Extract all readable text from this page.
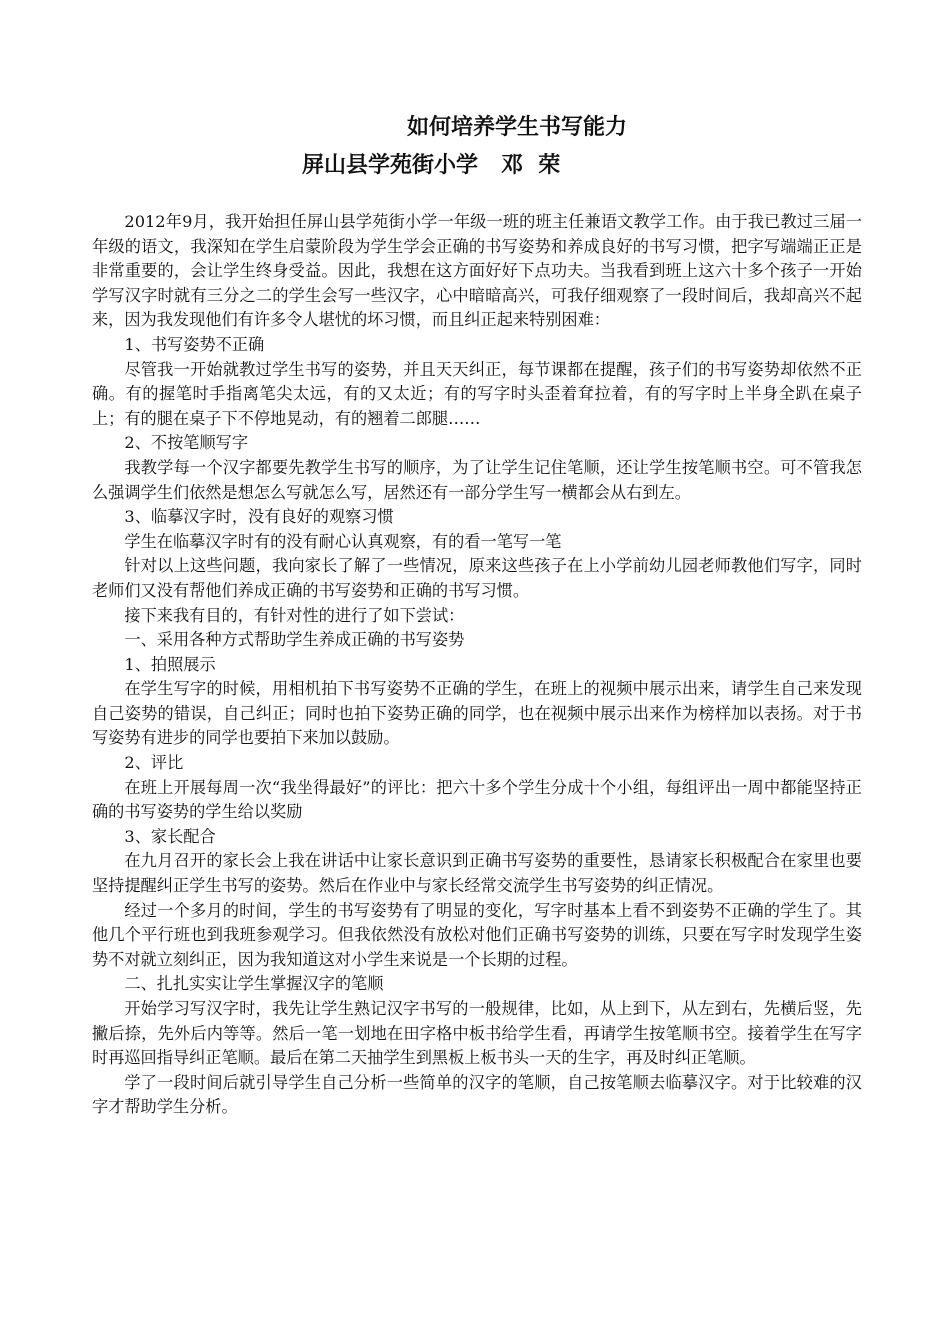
如何培养学生书写能力
屏山县学苑街小学   邓  荣

2012年9月，我开始担任屏山县学苑街小学一年级一班的班主任兼语文教学工作。由于我已教过三届一年级的语文，我深知在学生启蒙阶段为学生学会正确的书写姿势和养成良好的书写习惯，把字写端端正正是非常重要的，会让学生终身受益。因此，我想在这方面好好下点功夫。当我看到班上这六十多个孩子一开始学写汉字时就有三分之二的学生会写一些汉字，心中暗暗高兴，可我仔细观察了一段时间后，我却高兴不起来，因为我发现他们有许多令人堪忧的坏习惯，而且纠正起来特别困难：

1、书写姿势不正确

尽管我一开始就教过学生书写的姿势，并且天天纠正，每节课都在提醒，孩子们的书写姿势却依然不正确。有的握笔时手指离笔尖太远，有的又太近；有的写字时头歪着耷拉着，有的写字时上半身全趴在桌子上；有的腿在桌子下不停地晃动，有的翘着二郎腿……

2、不按笔顺写字

我教学每一个汉字都要先教学生书写的顺序，为了让学生记住笔顺，还让学生按笔顺书空。可不管我怎么强调学生们依然是想怎么写就怎么写，居然还有一部分学生写一横都会从右到左。

3、临摹汉字时，没有良好的观察习惯

学生在临摹汉字时有的没有耐心认真观察，有的看一笔写一笔

针对以上这些问题，我向家长了解了一些情况，原来这些孩子在上小学前幼儿园老师教他们写字，同时老师们又没有帮他们养成正确的书写姿势和正确的书写习惯。

接下来我有目的，有针对性的进行了如下尝试：

一、采用各种方式帮助学生养成正确的书写姿势

1、拍照展示

在学生写字的时候，用相机拍下书写姿势不正确的学生，在班上的视频中展示出来，请学生自己来发现自己姿势的错误，自己纠正；同时也拍下姿势正确的同学，也在视频中展示出来作为榜样加以表扬。对于书写姿势有进步的同学也要拍下来加以鼓励。

2、评比

在班上开展每周一次“我坐得最好”的评比：把六十多个学生分成十个小组，每组评出一周中都能坚持正确的书写姿势的学生给以奖励

3、家长配合

在九月召开的家长会上我在讲话中让家长意识到正确书写姿势的重要性，恳请家长积极配合在家里也要坚持提醒纠正学生书写的姿势。然后在作业中与家长经常交流学生书写姿势的纠正情况。

经过一个多月的时间，学生的书写姿势有了明显的变化，写字时基本上看不到姿势不正确的学生了。其他几个平行班也到我班参观学习。但我依然没有放松对他们正确书写姿势的训练，只要在写字时发现学生姿势不对就立刻纠正，因为我知道这对小学生来说是一个长期的过程。

二、扎扎实实让学生掌握汉字的笔顺

开始学习写汉字时，我先让学生熟记汉字书写的一般规律，比如，从上到下，从左到右，先横后竖，先撇后捺，先外后内等等。然后一笔一划地在田字格中板书给学生看，再请学生按笔顺书空。接着学生在写字时再巡回指导纠正笔顺。最后在第二天抽学生到黑板上板书头一天的生字，再及时纠正笔顺。

学了一段时间后就引导学生自己分析一些简单的汉字的笔顺，自己按笔顺去临摹汉字。对于比较难的汉字才帮助学生分析。
